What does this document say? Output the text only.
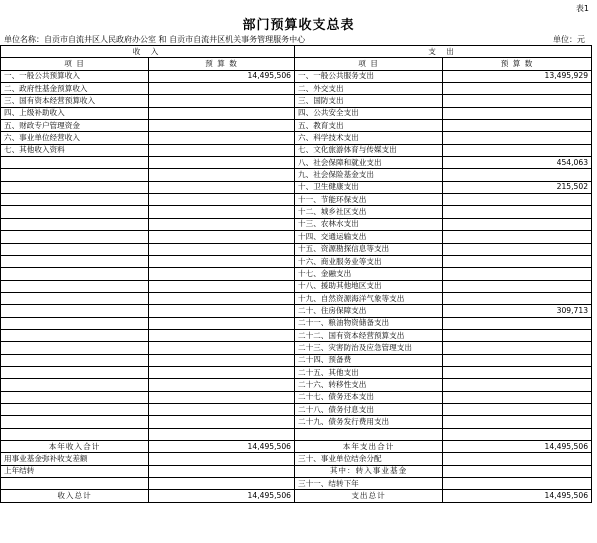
表1
部门预算收支总表
单位名称：自贡市自流井区人民政府办公室 和 自贡市自流井区机关事务管理服务中心	单位：元
收 入		支 出	
项 目	预 算 数	项 目	预 算 数
一、一般公共预算收入	14,495,506	一、一般公共服务支出	13,495,929
二、政府性基金预算收入		二、外交支出	
三、国有资本经营预算收入		三、国防支出	
四、上级补助收入		四、公共安全支出	
五、财政专户管理资金		五、教育支出	
六、事业单位经营收入		六、科学技术支出	
七、其他收入资料		七、文化旅游体育与传媒支出	
		八、社会保障和就业支出	454,063
		九、社会保险基金支出	
		十、卫生健康支出	215,502
		十一、节能环保支出	
		十二、城乡社区支出	
		十三、农林水支出	
		十四、交通运输支出	
		十五、资源勘探信息等支出	
		十六、商业服务业等支出	
		十七、金融支出	
		十八、援助其他地区支出	
		十九、自然资源海洋气象等支出	
		二十、住房保障支出	309,713
		二十一、粮油物资储备支出	
		二十二、国有资本经营预算支出	
		二十三、灾害防治及应急管理支出	
		二十四、预备费	
		二十五、其他支出	
		二十六、转移性支出	
		二十七、债务还本支出	
		二十八、债务付息支出	
		二十九、债务发行费用支出	

本年收入合计	14,495,506	本年支出合计	14,495,506
用事业基金弥补收支差额		三十、事业单位结余分配	
上年结转		其中：转入事业基金	
		三十一、结转下年	
收入总计	14,495,506	支出总计	14,495,506
